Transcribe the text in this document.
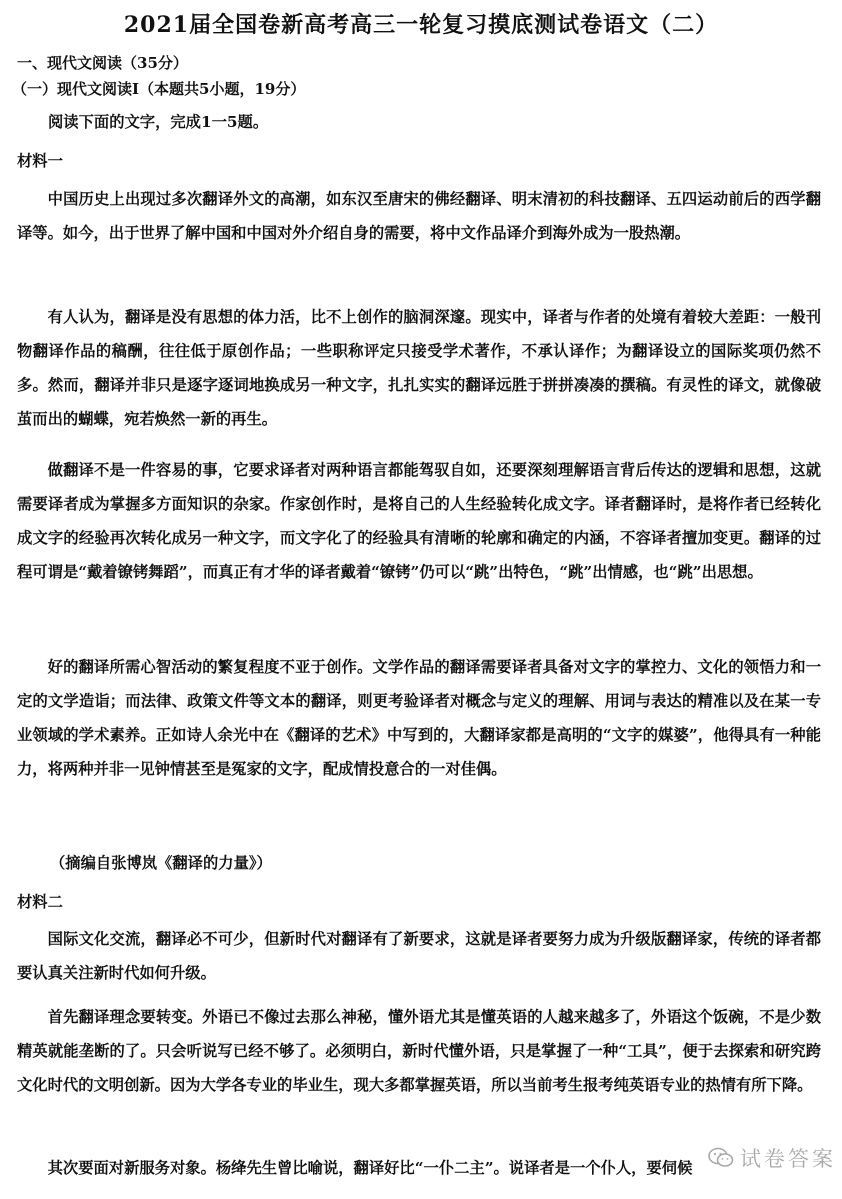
2021届全国卷新高考高三一轮复习摸底测试卷语文（二）
一、现代文阅读（35分）
（一）现代文阅读Ⅰ（本题共5小题，19分）
阅读下面的文字，完成1一5题。
材料一
中国历史上出现过多次翻译外文的高潮，如东汉至唐宋的佛经翻译、明末清初的科技翻译、五四运动前后的西学翻译等。如今，出于世界了解中国和中国对外介绍自身的需要，将中文作品译介到海外成为一股热潮。
有人认为，翻译是没有思想的体力活，比不上创作的脑洞深邃。现实中，译者与作者的处境有着较大差距：一般刊物翻译作品的稿酬，往往低于原创作品；一些职称评定只接受学术著作，不承认译作；为翻译设立的国际奖项仍然不多。然而，翻译并非只是逐字逐词地换成另一种文字，扎扎实实的翻译远胜于拼拼凑凑的撰稿。有灵性的译文，就像破茧而出的蝴蝶，宛若焕然一新的再生。
做翻译不是一件容易的事，它要求译者对两种语言都能驾驭自如，还要深刻理解语言背后传达的逻辑和思想，这就需要译者成为掌握多方面知识的杂家。作家创作时，是将自己的人生经验转化成文字。译者翻译时，是将作者已经转化成文字的经验再次转化成另一种文字，而文字化了的经验具有清晰的轮廓和确定的内涵，不容译者擅加变更。翻译的过程可谓是“戴着镣铐舞蹈”，而真正有才华的译者戴着“镣铐”仍可以“跳”出特色，“跳”出情感，也“跳”出思想。
好的翻译所需心智活动的繁复程度不亚于创作。文学作品的翻译需要译者具备对文字的掌控力、文化的领悟力和一定的文学造诣；而法律、政策文件等文本的翻译，则更考验译者对概念与定义的理解、用词与表达的精准以及在某一专业领域的学术素养。正如诗人余光中在《翻译的艺术》中写到的，大翻译家都是高明的“文字的媒婆”，他得具有一种能力，将两种并非一见钟情甚至是冤家的文字，配成情投意合的一对佳偶。
（摘编自张博岚《翻译的力量》）
材料二
国际文化交流，翻译必不可少，但新时代对翻译有了新要求，这就是译者要努力成为升级版翻译家，传统的译者都要认真关注新时代如何升级。
首先翻译理念要转变。外语已不像过去那么神秘，懂外语尤其是懂英语的人越来越多了，外语这个饭碗，不是少数精英就能垄断的了。只会听说写已经不够了。必须明白，新时代懂外语，只是掌握了一种“工具”，便于去探索和研究跨文化时代的文明创新。因为大学各专业的毕业生，现大多都掌握英语，所以当前考生报考纯英语专业的热情有所下降。
其次要面对新服务对象。杨绛先生曾比喻说，翻译好比“一仆二主”。说译者是一个仆人，要伺候	试卷答案
